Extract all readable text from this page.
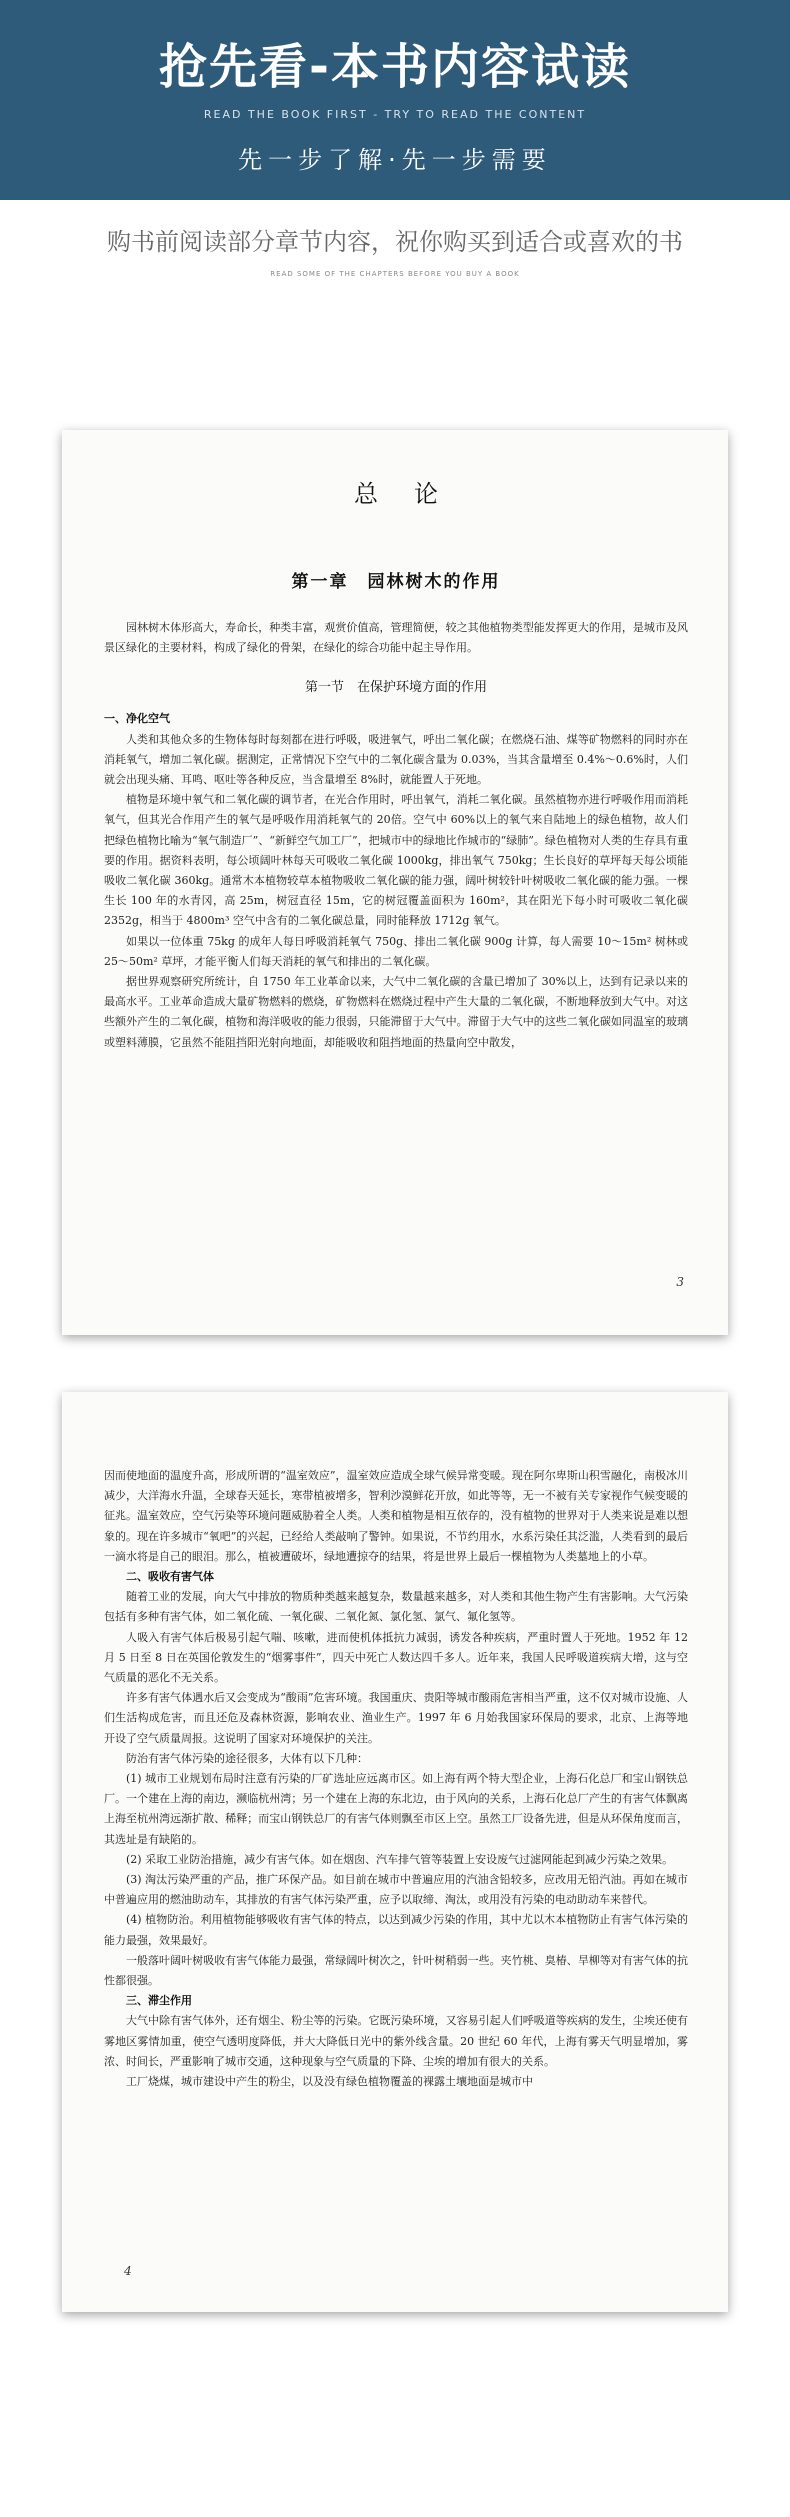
抢先看-本书内容试读
READ THE BOOK FIRST - TRY TO READ THE CONTENT
先一步了解·先一步需要
购书前阅读部分章节内容，祝你购买到适合或喜欢的书
READ SOME OF THE CHAPTERS BEFORE YOU BUY A BOOK
总论
第一章　园林树木的作用

园林树木体形高大，寿命长，种类丰富，观赏价值高，管理简便，较之其他植物类型能发挥更大的作用，是城市及风景区绿化的主要材料，构成了绿化的骨架，在绿化的综合功能中起主导作用。

第一节　在保护环境方面的作用
一、净化空气

人类和其他众多的生物体每时每刻都在进行呼吸，吸进氧气，呼出二氧化碳；在燃烧石油、煤等矿物燃料的同时亦在消耗氧气，增加二氧化碳。据测定，正常情况下空气中的二氧化碳含量为 0.03%，当其含量增至 0.4%～0.6%时，人们就会出现头痛、耳鸣、呕吐等各种反应，当含量增至 8%时，就能置人于死地。

植物是环境中氧气和二氧化碳的调节者，在光合作用时，呼出氧气，消耗二氧化碳。虽然植物亦进行呼吸作用而消耗氧气，但其光合作用产生的氧气是呼吸作用消耗氧气的 20倍。空气中 60%以上的氧气来自陆地上的绿色植物，故人们把绿色植物比喻为“氧气制造厂”、“新鲜空气加工厂”，把城市中的绿地比作城市的“绿肺”。绿色植物对人类的生存具有重要的作用。据资料表明，每公顷阔叶林每天可吸收二氧化碳 1000kg，排出氧气 750kg；生长良好的草坪每天每公顷能吸收二氧化碳 360kg。通常木本植物较草本植物吸收二氧化碳的能力强，阔叶树较针叶树吸收二氧化碳的能力强。一棵生长 100 年的水青冈，高 25m，树冠直径 15m，它的树冠覆盖面积为 160m²，其在阳光下每小时可吸收二氧化碳 2352g，相当于 4800m³ 空气中含有的二氧化碳总量，同时能释放 1712g 氧气。

如果以一位体重 75kg 的成年人每日呼吸消耗氧气 750g、排出二氧化碳 900g 计算，每人需要 10～15m² 树林或 25～50m² 草坪，才能平衡人们每天消耗的氧气和排出的二氧化碳。

据世界观察研究所统计，自 1750 年工业革命以来，大气中二氧化碳的含量已增加了 30%以上，达到有记录以来的最高水平。工业革命造成大量矿物燃料的燃烧，矿物燃料在燃烧过程中产生大量的二氧化碳，不断地释放到大气中。对这些额外产生的二氧化碳，植物和海洋吸收的能力很弱，只能滞留于大气中。滞留于大气中的这些二氧化碳如同温室的玻璃或塑料薄膜，它虽然不能阻挡阳光射向地面，却能吸收和阻挡地面的热量向空中散发，

3

因而使地面的温度升高，形成所谓的“温室效应”，温室效应造成全球气候异常变暖。现在阿尔卑斯山积雪融化，南极冰川减少，大洋海水升温，全球春天延长，寒带植被增多，智利沙漠鲜花开放，如此等等，无一不被有关专家视作气候变暖的征兆。温室效应，空气污染等环境问题威胁着全人类。人类和植物是相互依存的，没有植物的世界对于人类来说是难以想象的。现在许多城市“氧吧”的兴起，已经给人类敲响了警钟。如果说，不节约用水，水系污染任其泛滥，人类看到的最后一滴水将是自己的眼泪。那么，植被遭破坏，绿地遭掠夺的结果，将是世界上最后一棵植物为人类墓地上的小草。

二、吸收有害气体

随着工业的发展，向大气中排放的物质种类越来越复杂，数量越来越多，对人类和其他生物产生有害影响。大气污染包括有多种有害气体，如二氧化硫、一氧化碳、二氧化氮、氯化氢、氯气、氟化氢等。

人吸入有害气体后极易引起气喘、咳嗽，进而使机体抵抗力减弱，诱发各种疾病，严重时置人于死地。1952 年 12 月 5 日至 8 日在英国伦敦发生的“烟雾事件”，四天中死亡人数达四千多人。近年来，我国人民呼吸道疾病大增，这与空气质量的恶化不无关系。

许多有害气体遇水后又会变成为“酸雨”危害环境。我国重庆、贵阳等城市酸雨危害相当严重，这不仅对城市设施、人们生活构成危害，而且还危及森林资源，影响农业、渔业生产。1997 年 6 月始我国家环保局的要求，北京、上海等地开设了空气质量周报。这说明了国家对环境保护的关注。

防治有害气体污染的途径很多，大体有以下几种：

(1) 城市工业规划布局时注意有污染的厂矿选址应远离市区。如上海有两个特大型企业，上海石化总厂和宝山钢铁总厂。一个建在上海的南边，濒临杭州湾；另一个建在上海的东北边，由于风向的关系，上海石化总厂产生的有害气体飘离上海至杭州湾远渐扩散、稀释；而宝山钢铁总厂的有害气体则飘至市区上空。虽然工厂设备先进，但是从环保角度而言，其选址是有缺陷的。

(2) 采取工业防治措施，减少有害气体。如在烟囱、汽车排气管等装置上安设废气过滤网能起到减少污染之效果。

(3) 淘汰污染严重的产品，推广环保产品。如目前在城市中普遍应用的汽油含铅较多，应改用无铅汽油。再如在城市中普遍应用的燃油助动车，其排放的有害气体污染严重，应予以取缔、淘汰，或用没有污染的电动助动车来替代。

(4) 植物防治。利用植物能够吸收有害气体的特点，以达到减少污染的作用，其中尤以木本植物防止有害气体污染的能力最强，效果最好。

一般落叶阔叶树吸收有害气体能力最强，常绿阔叶树次之，针叶树稍弱一些。夹竹桃、臭椿、旱柳等对有害气体的抗性都很强。

三、滞尘作用

大气中除有害气体外，还有烟尘、粉尘等的污染。它既污染环境，又容易引起人们呼吸道等疾病的发生，尘埃还使有雾地区雾情加重，使空气透明度降低，并大大降低日光中的紫外线含量。20 世纪 60 年代，上海有雾天气明显增加，雾浓、时间长，严重影响了城市交通，这种现象与空气质量的下降、尘埃的增加有很大的关系。

工厂烧煤，城市建设中产生的粉尘，以及没有绿色植物覆盖的裸露土壤地面是城市中

4
